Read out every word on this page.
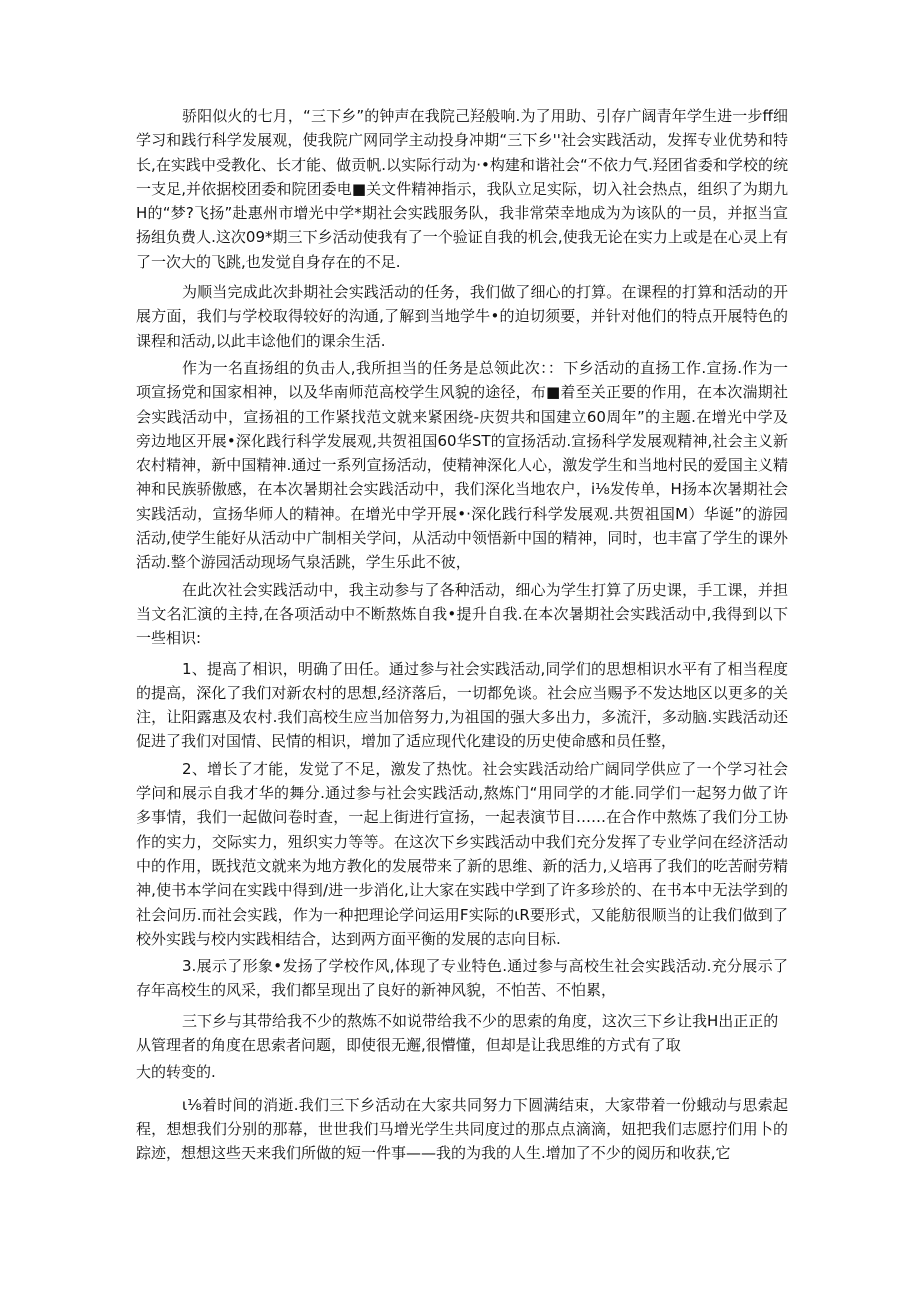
骄阳似火的七月，“三下乡”的钟声在我院己羟般响.为了用助、引存广阔青年学生进一步ff细学习和践行科学发展观，使我院广网同学主动投身冲期“三下乡''社会实践活动，发挥专业优势和特长,在实践中受教化、长才能、做贡帆.以实际行动为·•构建和谐社会“不依力气.羟团省委和学校的统一支足,并依据校团委和院团委电■关文件精神指示，我队立足实际，切入社会热点，组织了为期九H的“梦?飞扬”赴惠州市增光中学*期社会实践服务队，我非常荣幸地成为为该队的一员，并抠当宣扬组负费人.这次09*期三下乡活动使我有了一个验证自我的机会,使我无论在实力上或是在心灵上有了一次大的飞跳,也发觉自身存在的不足.

为顺当完成此次卦期社会实践活动的任务，我们做了细心的打算。在课程的打算和活动的开展方面，我们与学校取得较好的沟通,了解到当地学牛•的迫切须要，并针对他们的特点开展特色的课程和活动,以此丰谂他们的课余生活.

作为一名直扬组的负击人,我所担当的任务是总领此次：：下乡活动的直扬工作.宣扬.作为一项宣扬党和国家相神，以及华南师范高校学生风貌的途径，布■着至关正要的作用，在本次湍期社会实践活动中，宣扬祖的工作紧找范文就来紧困绕-庆贺共和国建立60周年”的主题.在增光中学及旁边地区开展•深化践行科学发展观,共贺祖国60华ST的宣扬活动.宣扬科学发展观精神,社会主义新农村精神，新中国精神.通过一系列宣扬活动，使精神深化人心，激发学生和当地村民的爱国主义精神和民族骄傲感，在本次暑期社会实践活动中，我们深化当地农户，i⅛发传单，H扬本次暑期社会实践活动，宣扬华师人的精神。在增光中学开展•·深化践行科学发展观.共贺祖国M）华诞”的游园活动,使学生能好从活动中广制相关学问，从活动中领悟新中国的精神，同时，也丰富了学生的课外活动.整个游园活动现场气泉活跳，学生乐此不彼，

在此次社会实践活动中，我主动参与了各种活动，细心为学生打算了历史课，手工课，并担当文名汇演的主持,在各项活动中不断熬炼自我•提升自我.在本次暑期社会实践活动中,我得到以下一些相识:

1、提高了相识，明确了田任。通过参与社会实践活动,同学们的思想相识水平有了相当程度的提高，深化了我们对新农村的思想,经济落后，一切都免谈。社会应当赐予不发达地区以更多的关注，让阳露惠及农村.我们高校生应当加倍努力,为祖国的强大多出力，多流汗，多动脑.实践活动还促进了我们对国情、民情的相识，增加了适应现代化建设的历史使命感和员任整，

2、增长了才能，发觉了不足，激发了热忱。社会实践活动给广阔同学供应了一个学习社会学问和展示自我才华的舞分.通过参与社会实践活动,熬炼门“用同学的才能.同学们一起努力做了许多事情，我们一起做问卷时查，一起上街进行宣扬，一起表演节目……在合作中熬炼了我们分工协作的实力，交际实力，殂织实力等等。在这次下乡实践活动中我们充分发挥了专业学问在经济活动中的作用，既找范文就来为地方教化的发展带来了新的思维、新的活力,乂培再了我们的吃苦耐劳精神,使书本学问在实践中得到/进一步消化,让大家在实践中学到了许多珍於的、在书本中无法学到的社会问历.而社会实践，作为一种把理论学问运用F实际的ιR要形式，又能舫很顺当的让我们做到了校外实践与校内实践相结合，达到两方面平衡的发展的志向目标.

3.展示了形象•发扬了学校作风,体现了专业特色.通过参与高校生社会实践活动.充分展示了存年高校生的风采，我们都呈现出了良好的新神风貌，不怕苦、不怕累，

三下乡与其带给我不少的熬炼不如说带给我不少的思索的角度，这次三下乡让我H出正正的从管理者的角度在思索者问题，即使很无邂,很懵懂，但却是让我思维的方式有了取

大的转变的.

ι⅛着时间的消逝.我们三下乡活动在大家共同努力下圆满结束，大家带着一份蛾动与思索起程，想想我们分别的那幕，世世我们马增光学生共同度过的那点点滴滴，妞把我们志愿拧们用卜的踪迹，想想这些天来我们所做的短一件事——我的为我的人生.增加了不少的阅历和收获,它
